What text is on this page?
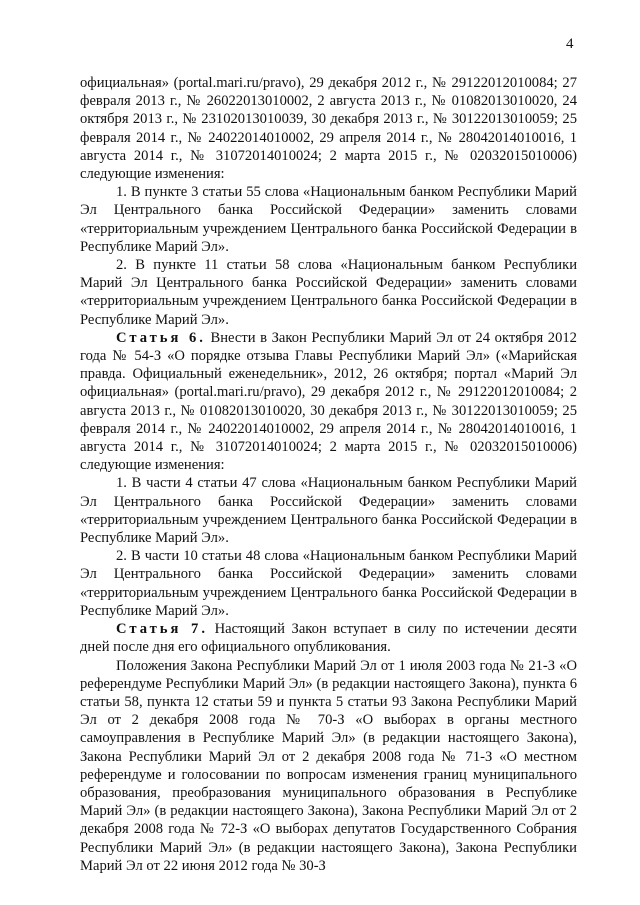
4

официальная» (portal.mari.ru/pravo), 29 декабря 2012 г., № 29122012010084; 27 февраля 2013 г., № 26022013010002, 2 августа 2013 г., № 01082013010020, 24 октября 2013 г., № 23102013010039, 30 декабря 2013 г., № 30122013010059; 25 февраля 2014 г., № 24022014010002, 29 апреля 2014 г., № 28042014010016, 1 августа 2014 г., № 31072014010024; 2 марта 2015 г., № 02032015010006) следующие изменения:

1. В пункте 3 статьи 55 слова «Национальным банком Республики Марий Эл Центрального банка Российской Федерации» заменить словами «территориальным учреждением Центрального банка Российской Федерации в Республике Марий Эл».

2. В пункте 11 статьи 58 слова «Национальным банком Республики Марий Эл Центрального банка Российской Федерации» заменить словами «территориальным учреждением Центрального банка Российской Федерации в Республике Марий Эл».

Статья 6. Внести в Закон Республики Марий Эл от 24 октября 2012 года № 54-З «О порядке отзыва Главы Республики Марий Эл» («Марийская правда. Официальный еженедельник», 2012, 26 октября; портал «Марий Эл официальная» (portal.mari.ru/pravo), 29 декабря 2012 г., № 29122012010084; 2 августа 2013 г., № 01082013010020, 30 декабря 2013 г., № 30122013010059; 25 февраля 2014 г., № 24022014010002, 29 апреля 2014 г., № 28042014010016, 1 августа 2014 г., № 31072014010024; 2 марта 2015 г., № 02032015010006) следующие изменения:

1. В части 4 статьи 47 слова «Национальным банком Республики Марий Эл Центрального банка Российской Федерации» заменить словами «территориальным учреждением Центрального банка Российской Федерации в Республике Марий Эл».

2. В части 10 статьи 48 слова «Национальным банком Республики Марий Эл Центрального банка Российской Федерации» заменить словами «территориальным учреждением Центрального банка Российской Федерации в Республике Марий Эл».

Статья 7. Настоящий Закон вступает в силу по истечении десяти дней после дня его официального опубликования.

Положения Закона Республики Марий Эл от 1 июля 2003 года № 21-З «О референдуме Республики Марий Эл» (в редакции настоящего Закона), пункта 6 статьи 58, пункта 12 статьи 59 и пункта 5 статьи 93 Закона Республики Марий Эл от 2 декабря 2008 года № 70-З «О выборах в органы местного самоуправления в Республике Марий Эл» (в редакции настоящего Закона), Закона Республики Марий Эл от 2 декабря 2008 года № 71-З «О местном референдуме и голосовании по вопросам изменения границ муниципального образования, преобразования муниципального образования в Республике Марий Эл» (в редакции настоящего Закона), Закона Республики Марий Эл от 2 декабря 2008 года № 72-З «О выборах депутатов Государственного Собрания Республики Марий Эл» (в редакции настоящего Закона), Закона Республики Марий Эл от 22 июня 2012 года № 30-З
